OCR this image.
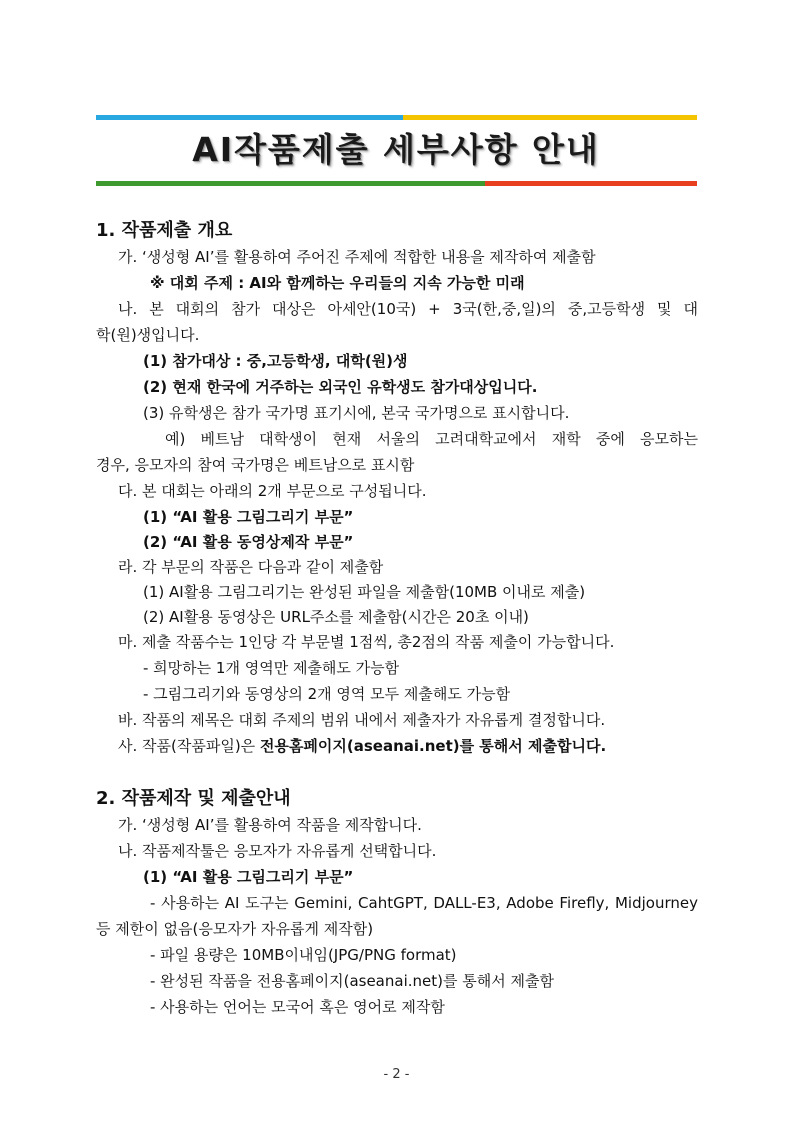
AI작품제출 세부사항 안내
1. 작품제출 개요
가. ‘생성형 AI’를 활용하여 주어진 주제에 적합한 내용을 제작하여 제출함
※ 대회 주제 : AI와 함께하는 우리들의 지속 가능한 미래
나. 본 대회의 참가 대상은 아세안(10국) + 3국(한,중,일)의 중,고등학생 및 대
학(원)생입니다.
(1) 참가대상 : 중,고등학생, 대학(원)생
(2) 현재 한국에 거주하는 외국인 유학생도 참가대상입니다.
(3) 유학생은 참가 국가명 표기시에, 본국 국가명으로 표시합니다.
예) 베트남 대학생이 현재 서울의 고려대학교에서 재학 중에 응모하는
경우, 응모자의 참여 국가명은 베트남으로 표시함
다. 본 대회는 아래의 2개 부문으로 구성됩니다.
(1) “AI 활용 그림그리기 부문”
(2) “AI 활용 동영상제작 부문”
라. 각 부문의 작품은 다음과 같이 제출함
(1) AI활용 그림그리기는 완성된 파일을 제출함(10MB 이내로 제출)
(2) AI활용 동영상은 URL주소를 제출함(시간은 20초 이내)
마. 제출 작품수는 1인당 각 부문별 1점씩, 총2점의 작품 제출이 가능합니다.
- 희망하는 1개 영역만 제출해도 가능함
- 그림그리기와 동영상의 2개 영역 모두 제출해도 가능함
바. 작품의 제목은 대회 주제의 범위 내에서 제출자가 자유롭게 결정합니다.
사. 작품(작품파일)은 전용홈페이지(aseanai.net)를 통해서 제출합니다.
2. 작품제작 및 제출안내
가. ‘생성형 AI’를 활용하여 작품을 제작합니다.
나. 작품제작툴은 응모자가 자유롭게 선택합니다.
(1) “AI 활용 그림그리기 부문”
- 사용하는 AI 도구는 Gemini, CahtGPT, DALL-E3, Adobe Firefly, Midjourney
등 제한이 없음(응모자가 자유롭게 제작함)
- 파일 용량은 10MB이내임(JPG/PNG format)
- 완성된 작품을 전용홈페이지(aseanai.net)를 통해서 제출함
- 사용하는 언어는 모국어 혹은 영어로 제작함
- 2 -
